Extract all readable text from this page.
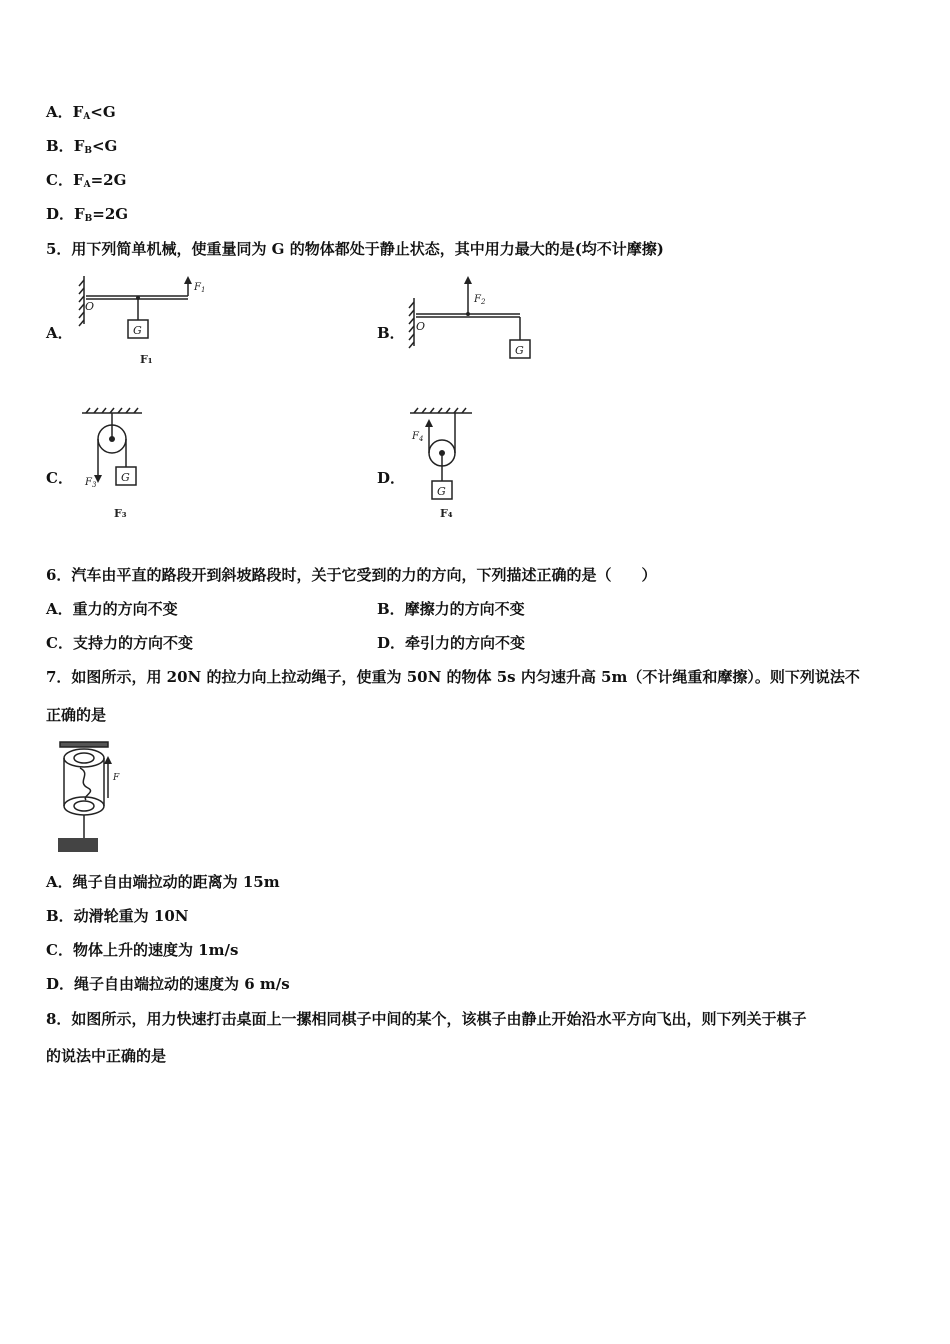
A．$F_A<G$
B．$F_B<G$
C．$F_A=2G$
D．$F_B=2G$
5．用下列简单机械，使重量同为 G 的物体都处于静止状态，其中用力最大的是(均不计摩擦)
A．	B．
C．	D．
O
G
$F_1$
F₁
O
G
$F_2$
G
$F_3$
F₃
G
$F_4$
F₄
6．汽车由平直的路段开到斜坡路段时，关于它受到的力的方向，下列描述正确的是（　　）
A．重力的方向不变	B．摩擦力的方向不变
C．支持力的方向不变	D．牵引力的方向不变
7．如图所示，用 20N 的拉力向上拉动绳子，使重为 50N 的物体 5s 内匀速升高 5m（不计绳重和摩擦）。则下列说法不
正确的是
F
A．绳子自由端拉动的距离为 15m
B．动滑轮重为 10N
C．物体上升的速度为 1m/s
D．绳子自由端拉动的速度为 6 m/s
8．如图所示，用力快速打击桌面上一摞相同棋子中间的某个，该棋子由静止开始沿水平方向飞出，则下列关于棋子
的说法中正确的是
